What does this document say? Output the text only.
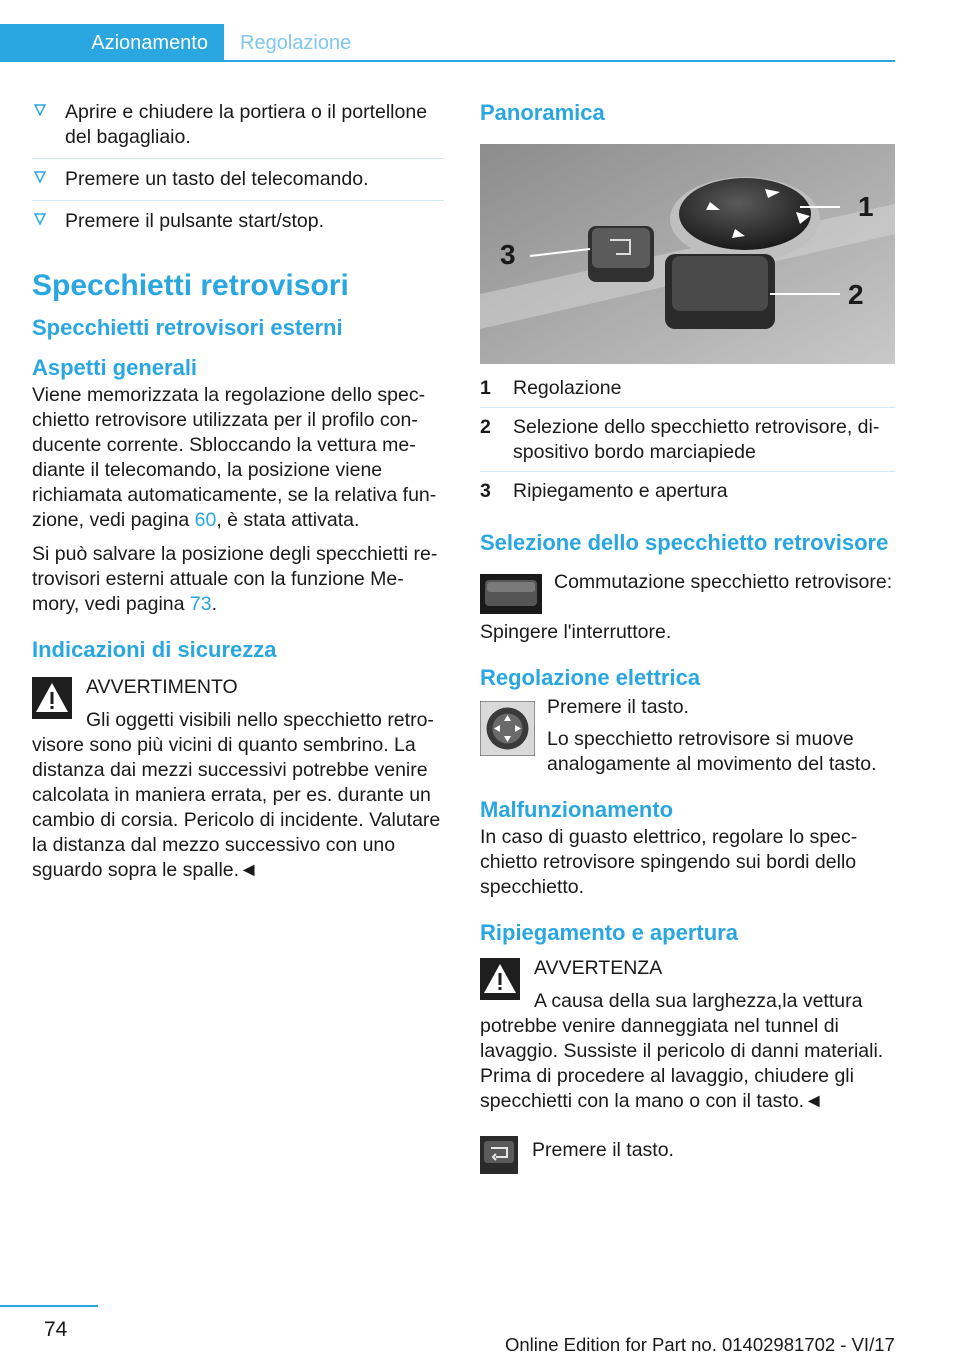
Azionamento	Regolazione
Aprire e chiudere la portiera o il portellone del bagagliaio.
Premere un tasto del telecomando.
Premere il pulsante start/stop.
Specchietti retrovisori
Specchietti retrovisori esterni
Aspetti generali

Viene memorizzata la regolazione dello specchietto retrovisore utilizzata per il profilo conducente corrente. Sbloccando la vettura mediante il telecomando, la posizione viene richiamata automaticamente, se la relativa funzione, vedi pagina 60, è stata attivata.

Si può salvare la posizione degli specchietti retrovisori esterni attuale con la funzione Memory, vedi pagina 73.

Indicazioni di sicurezza

AVVERTIMENTO

Gli oggetti visibili nello specchietto retrovisore sono più vicini di quanto sembrino. La distanza dai mezzi successivi potrebbe venire calcolata in maniera errata, per es. durante un cambio di corsia. Pericolo di incidente. Valutare la distanza dal mezzo successivo con uno sguardo sopra le spalle.◄

Panoramica
1
2
3
1	Regolazione
2	Selezione dello specchietto retrovisore, dispositivo bordo marciapiede
3	Ripiegamento e apertura
Selezione dello specchietto retrovisore

Commutazione specchietto retrovisore:

Spingere l'interruttore.

Regolazione elettrica

Premere il tasto.

Lo specchietto retrovisore si muove analogamente al movimento del tasto.

Malfunzionamento

In caso di guasto elettrico, regolare lo specchietto retrovisore spingendo sui bordi dello specchietto.

Ripiegamento e apertura

AVVERTENZA

A causa della sua larghezza,la vettura potrebbe venire danneggiata nel tunnel di lavaggio. Sussiste il pericolo di danni materiali. Prima di procedere al lavaggio, chiudere gli specchietti con la mano o con il tasto.◄

Premere il tasto.

74
Online Edition for Part no. 01402981702 - VI/17
